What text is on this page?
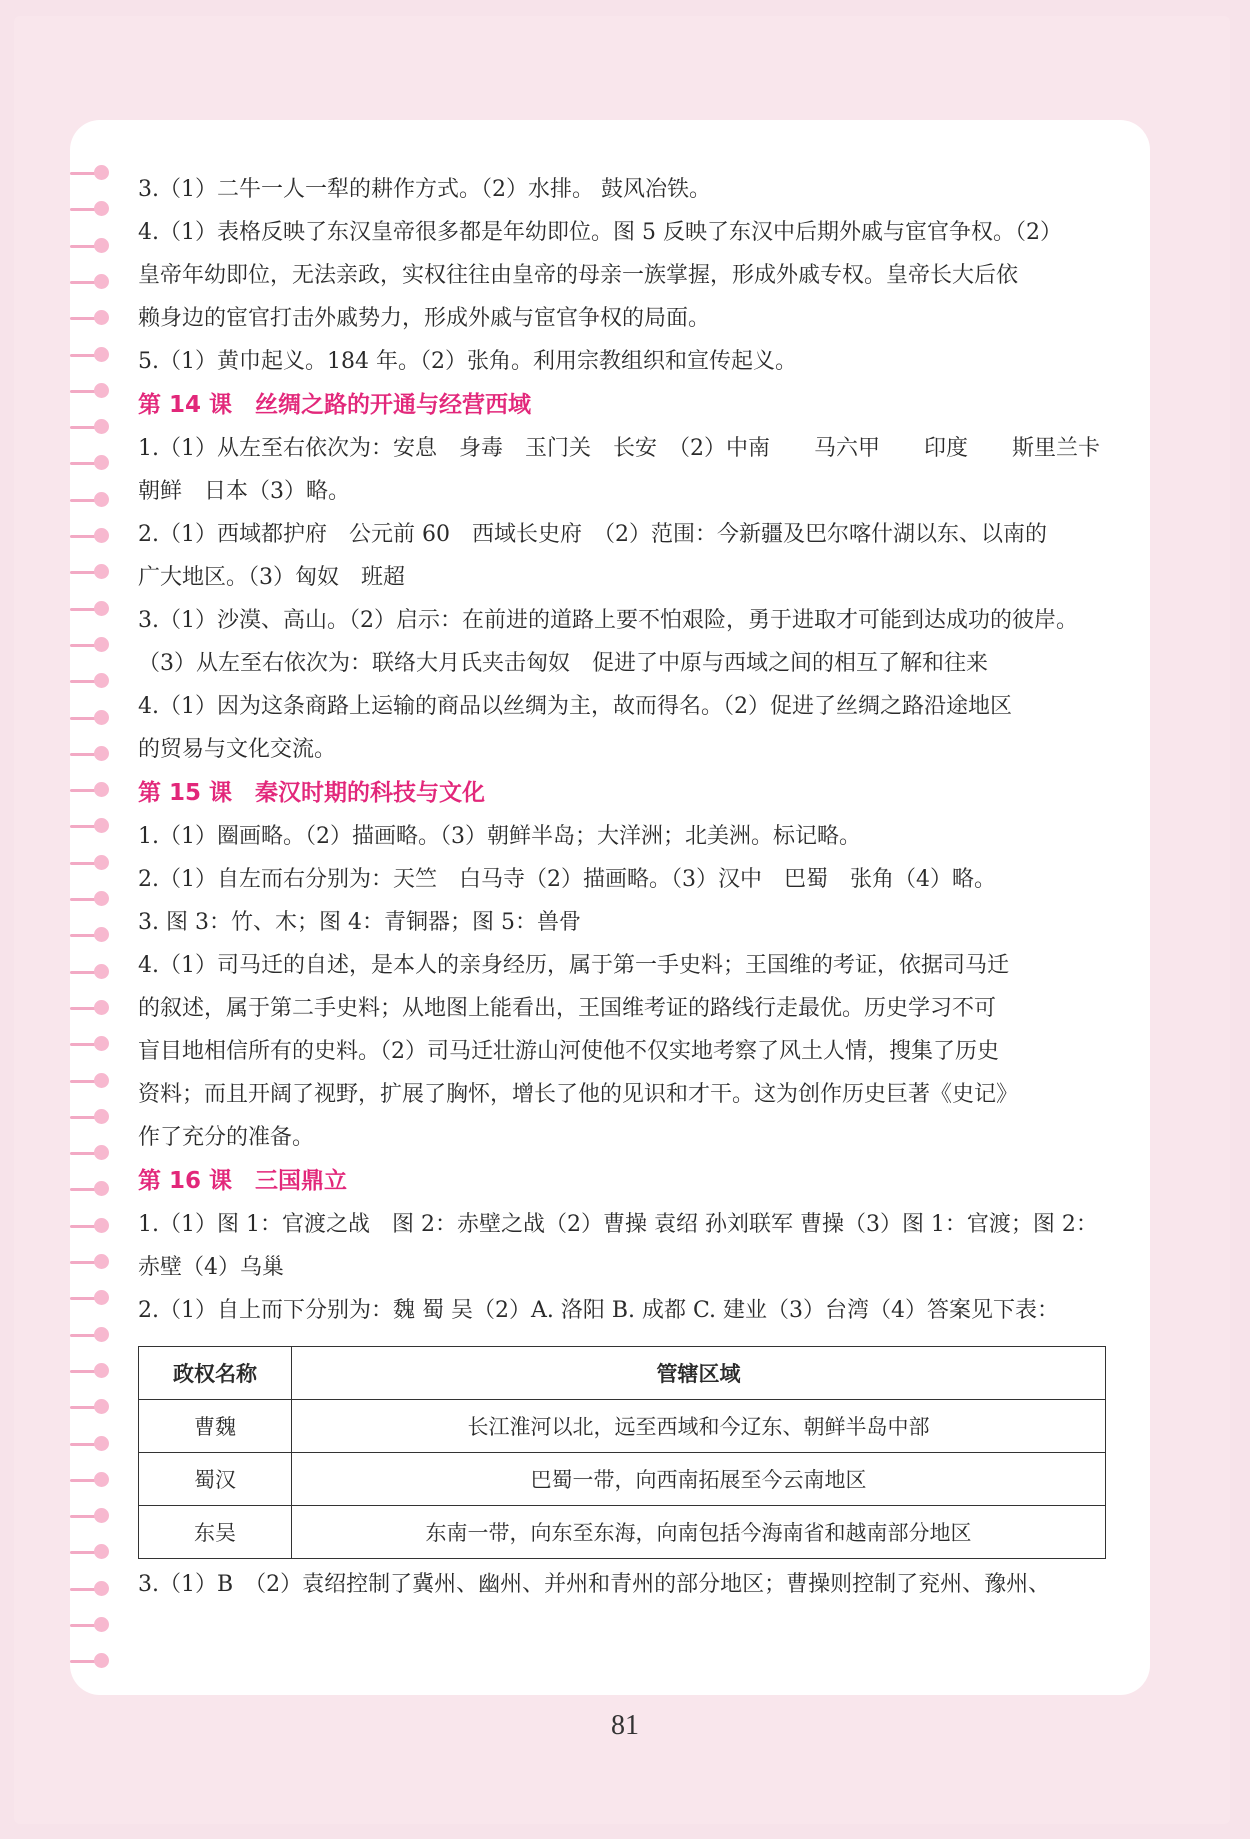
3.（1）二牛一人一犁的耕作方式。（2）水排。 鼓风冶铁。
4.（1）表格反映了东汉皇帝很多都是年幼即位。图 5 反映了东汉中后期外戚与宦官争权。（2）
皇帝年幼即位，无法亲政，实权往往由皇帝的母亲一族掌握，形成外戚专权。皇帝长大后依
赖身边的宦官打击外戚势力，形成外戚与宦官争权的局面。
5.（1）黄巾起义。184 年。（2）张角。利用宗教组织和宣传起义。
第 14 课　丝绸之路的开通与经营西域
1.（1）从左至右依次为：安息　身毒　玉门关　长安　（2）中南　　马六甲　　印度　　斯里兰卡
朝鲜　日本（3）略。
2.（1）西域都护府　公元前 60　西域长史府　（2）范围：今新疆及巴尔喀什湖以东、以南的
广大地区。（3）匈奴　班超
3.（1）沙漠、高山。（2）启示：在前进的道路上要不怕艰险，勇于进取才可能到达成功的彼岸。
（3）从左至右依次为：联络大月氏夹击匈奴　促进了中原与西域之间的相互了解和往来
4.（1）因为这条商路上运输的商品以丝绸为主，故而得名。（2）促进了丝绸之路沿途地区
的贸易与文化交流。
第 15 课　秦汉时期的科技与文化
1.（1）圈画略。（2）描画略。（3）朝鲜半岛；大洋洲；北美洲。标记略。
2.（1）自左而右分别为：天竺　白马寺（2）描画略。（3）汉中　巴蜀　张角（4）略。
3. 图 3：竹、木；图 4：青铜器；图 5：兽骨
4.（1）司马迁的自述，是本人的亲身经历，属于第一手史料；王国维的考证，依据司马迁
的叙述，属于第二手史料；从地图上能看出，王国维考证的路线行走最优。历史学习不可
盲目地相信所有的史料。（2）司马迁壮游山河使他不仅实地考察了风土人情，搜集了历史
资料；而且开阔了视野，扩展了胸怀，增长了他的见识和才干。这为创作历史巨著《史记》
作了充分的准备。
第 16 课　三国鼎立
1.（1）图 1：官渡之战　图 2：赤壁之战（2）曹操 袁绍 孙刘联军 曹操（3）图 1：官渡；图 2：
赤壁（4）乌巢
2.（1）自上而下分别为：魏 蜀 吴（2）A. 洛阳 B. 成都 C. 建业（3）台湾（4）答案见下表：
政权名称	管辖区域
曹魏	长江淮河以北，远至西域和今辽东、朝鲜半岛中部
蜀汉	巴蜀一带，向西南拓展至今云南地区
东吴	东南一带，向东至东海，向南包括今海南省和越南部分地区
3.（1）B　（2）袁绍控制了冀州、幽州、并州和青州的部分地区；曹操则控制了兖州、豫州、
81
